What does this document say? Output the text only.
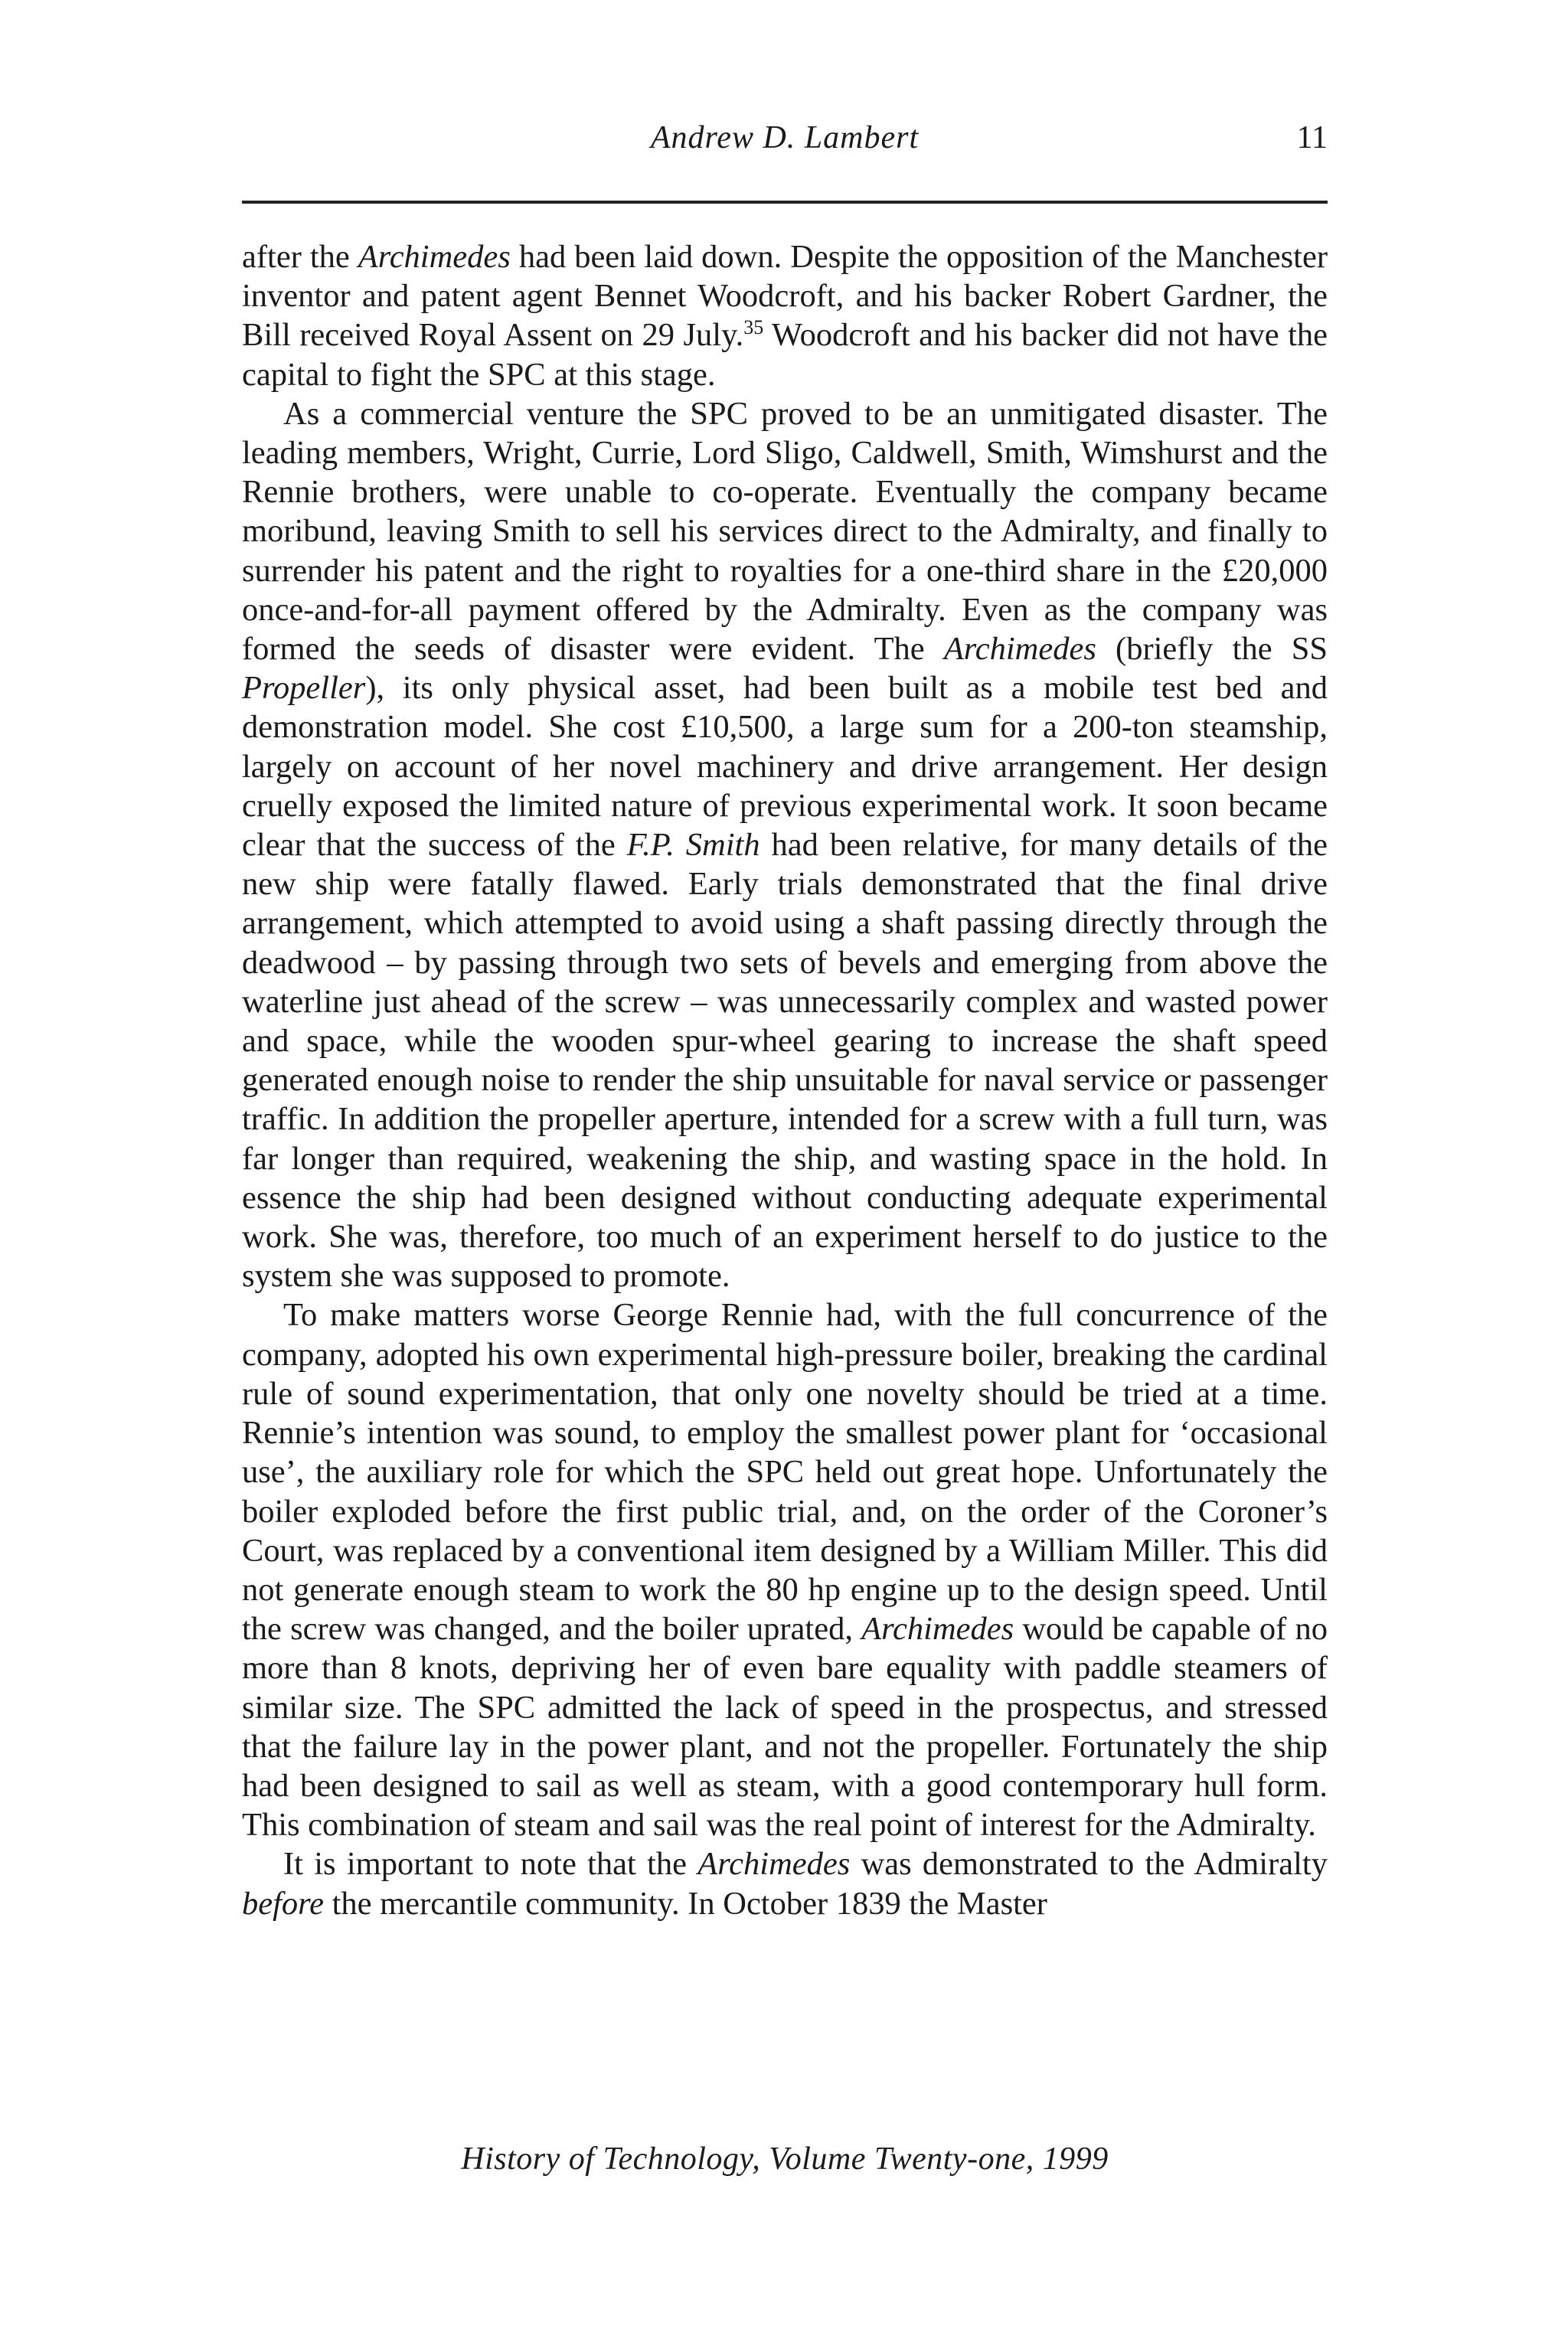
Andrew D. Lambert	11

after the Archimedes had been laid down. Despite the opposition of the Manchester inventor and patent agent Bennet Woodcroft, and his backer Robert Gardner, the Bill received Royal Assent on 29 July.$^{35}$ Woodcroft and his backer did not have the capital to fight the SPC at this stage.

As a commercial venture the SPC proved to be an unmitigated disaster. The leading members, Wright, Currie, Lord Sligo, Caldwell, Smith, Wimshurst and the Rennie brothers, were unable to co-operate. Eventually the company became moribund, leaving Smith to sell his services direct to the Admiralty, and finally to surrender his patent and the right to royalties for a one-third share in the £20,000 once-and-for-all payment offered by the Admiralty. Even as the company was formed the seeds of disaster were evident. The Archimedes (briefly the SS Propeller), its only physical asset, had been built as a mobile test bed and demonstration model. She cost £10,500, a large sum for a 200-ton steamship, largely on account of her novel machinery and drive arrangement. Her design cruelly exposed the limited nature of previous experimental work. It soon became clear that the success of the F.P. Smith had been relative, for many details of the new ship were fatally flawed. Early trials demonstrated that the final drive arrangement, which attempted to avoid using a shaft passing directly through the deadwood – by passing through two sets of bevels and emerging from above the waterline just ahead of the screw – was unnecessarily complex and wasted power and space, while the wooden spur-wheel gearing to increase the shaft speed generated enough noise to render the ship unsuitable for naval service or passenger traffic. In addition the propeller aperture, intended for a screw with a full turn, was far longer than required, weakening the ship, and wasting space in the hold. In essence the ship had been designed without conducting adequate experimental work. She was, therefore, too much of an experiment herself to do justice to the system she was supposed to promote.

To make matters worse George Rennie had, with the full concurrence of the company, adopted his own experimental high-pressure boiler, breaking the cardinal rule of sound experimentation, that only one novelty should be tried at a time. Rennie’s intention was sound, to employ the smallest power plant for ‘occasional use’, the auxiliary role for which the SPC held out great hope. Unfortunately the boiler exploded before the first public trial, and, on the order of the Coroner’s Court, was replaced by a conventional item designed by a William Miller. This did not generate enough steam to work the 80 hp engine up to the design speed. Until the screw was changed, and the boiler uprated, Archimedes would be capable of no more than 8 knots, depriving her of even bare equality with paddle steamers of similar size. The SPC admitted the lack of speed in the prospectus, and stressed that the failure lay in the power plant, and not the propeller. Fortunately the ship had been designed to sail as well as steam, with a good contemporary hull form. This combination of steam and sail was the real point of interest for the Admiralty.

It is important to note that the Archimedes was demonstrated to the Admiralty before the mercantile community. In October 1839 the Master

History of Technology, Volume Twenty-one, 1999
